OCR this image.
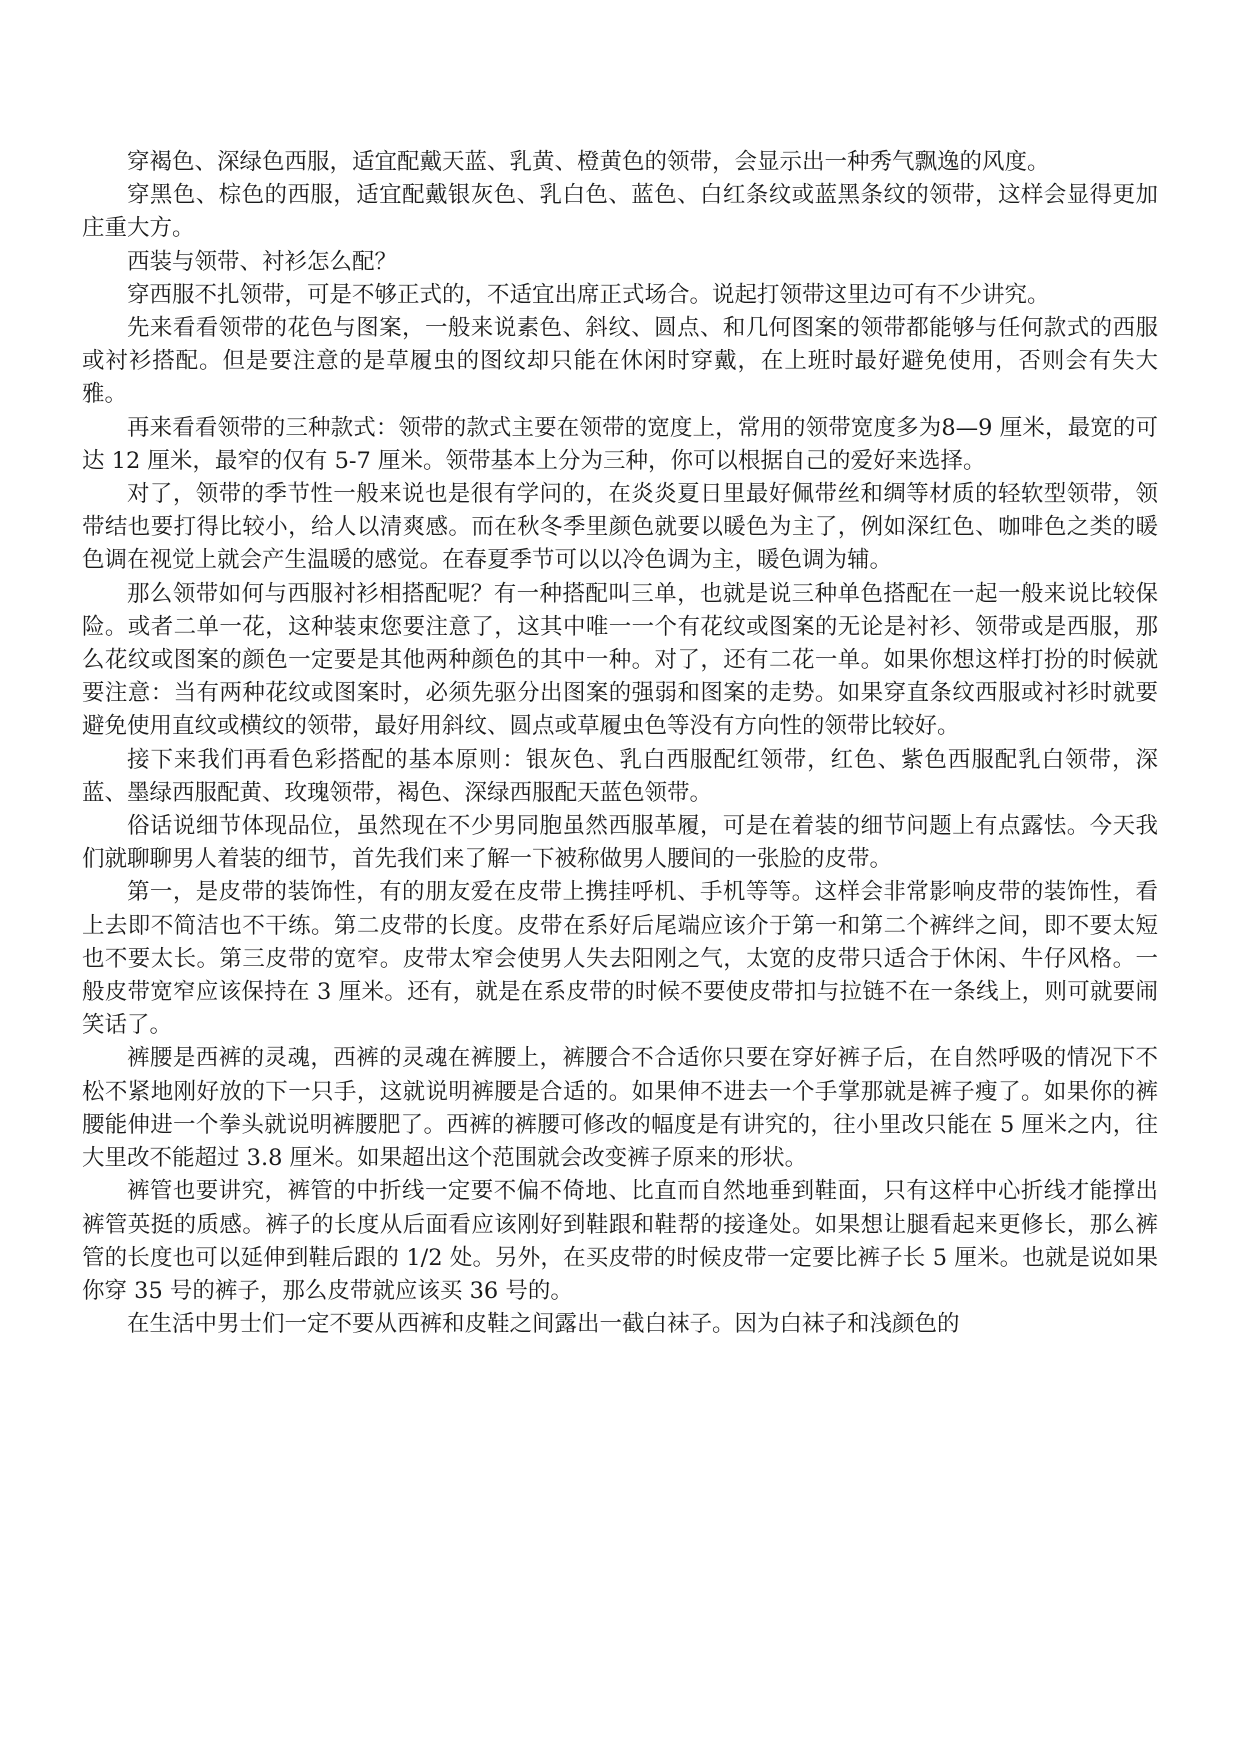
穿褐色、深绿色西服，适宜配戴天蓝、乳黄、橙黄色的领带，会显示出一种秀气飘逸的风度。

穿黑色、棕色的西服，适宜配戴银灰色、乳白色、蓝色、白红条纹或蓝黑条纹的领带，这样会显得更加庄重大方。

西装与领带、衬衫怎么配？

穿西服不扎领带，可是不够正式的，不适宜出席正式场合。说起打领带这里边可有不少讲究。

先来看看领带的花色与图案，一般来说素色、斜纹、圆点、和几何图案的领带都能够与任何款式的西服或衬衫搭配。但是要注意的是草履虫的图纹却只能在休闲时穿戴，在上班时最好避免使用，否则会有失大雅。

再来看看领带的三种款式：领带的款式主要在领带的宽度上，常用的领带宽度多为8—9 厘米，最宽的可达 12 厘米，最窄的仅有 5-7 厘米。领带基本上分为三种，你可以根据自己的爱好来选择。

对了，领带的季节性一般来说也是很有学问的，在炎炎夏日里最好佩带丝和绸等材质的轻软型领带，领带结也要打得比较小，给人以清爽感。而在秋冬季里颜色就要以暖色为主了，例如深红色、咖啡色之类的暖色调在视觉上就会产生温暖的感觉。在春夏季节可以以冷色调为主，暖色调为辅。

那么领带如何与西服衬衫相搭配呢？有一种搭配叫三单，也就是说三种单色搭配在一起一般来说比较保险。或者二单一花，这种装束您要注意了，这其中唯一一个有花纹或图案的无论是衬衫、领带或是西服，那么花纹或图案的颜色一定要是其他两种颜色的其中一种。对了，还有二花一单。如果你想这样打扮的时候就要注意：当有两种花纹或图案时，必须先驱分出图案的强弱和图案的走势。如果穿直条纹西服或衬衫时就要避免使用直纹或横纹的领带，最好用斜纹、圆点或草履虫色等没有方向性的领带比较好。

接下来我们再看色彩搭配的基本原则：银灰色、乳白西服配红领带，红色、紫色西服配乳白领带，深蓝、墨绿西服配黄、玫瑰领带，褐色、深绿西服配天蓝色领带。

俗话说细节体现品位，虽然现在不少男同胞虽然西服革履，可是在着装的细节问题上有点露怯。今天我们就聊聊男人着装的细节，首先我们来了解一下被称做男人腰间的一张脸的皮带。

第一，是皮带的装饰性，有的朋友爱在皮带上携挂呼机、手机等等。这样会非常影响皮带的装饰性，看上去即不简洁也不干练。第二皮带的长度。皮带在系好后尾端应该介于第一和第二个裤绊之间，即不要太短也不要太长。第三皮带的宽窄。皮带太窄会使男人失去阳刚之气，太宽的皮带只适合于休闲、牛仔风格。一般皮带宽窄应该保持在 3 厘米。还有，就是在系皮带的时候不要使皮带扣与拉链不在一条线上，则可就要闹笑话了。

裤腰是西裤的灵魂，西裤的灵魂在裤腰上，裤腰合不合适你只要在穿好裤子后，在自然呼吸的情况下不松不紧地刚好放的下一只手，这就说明裤腰是合适的。如果伸不进去一个手掌那就是裤子瘦了。如果你的裤腰能伸进一个拳头就说明裤腰肥了。西裤的裤腰可修改的幅度是有讲究的，往小里改只能在 5 厘米之内，往大里改不能超过 3.8 厘米。如果超出这个范围就会改变裤子原来的形状。

裤管也要讲究，裤管的中折线一定要不偏不倚地、比直而自然地垂到鞋面，只有这样中心折线才能撑出裤管英挺的质感。裤子的长度从后面看应该刚好到鞋跟和鞋帮的接逢处。如果想让腿看起来更修长，那么裤管的长度也可以延伸到鞋后跟的 1/2 处。另外，在买皮带的时候皮带一定要比裤子长 5 厘米。也就是说如果你穿 35 号的裤子，那么皮带就应该买 36 号的。

在生活中男士们一定不要从西裤和皮鞋之间露出一截白袜子。因为白袜子和浅颜色的
